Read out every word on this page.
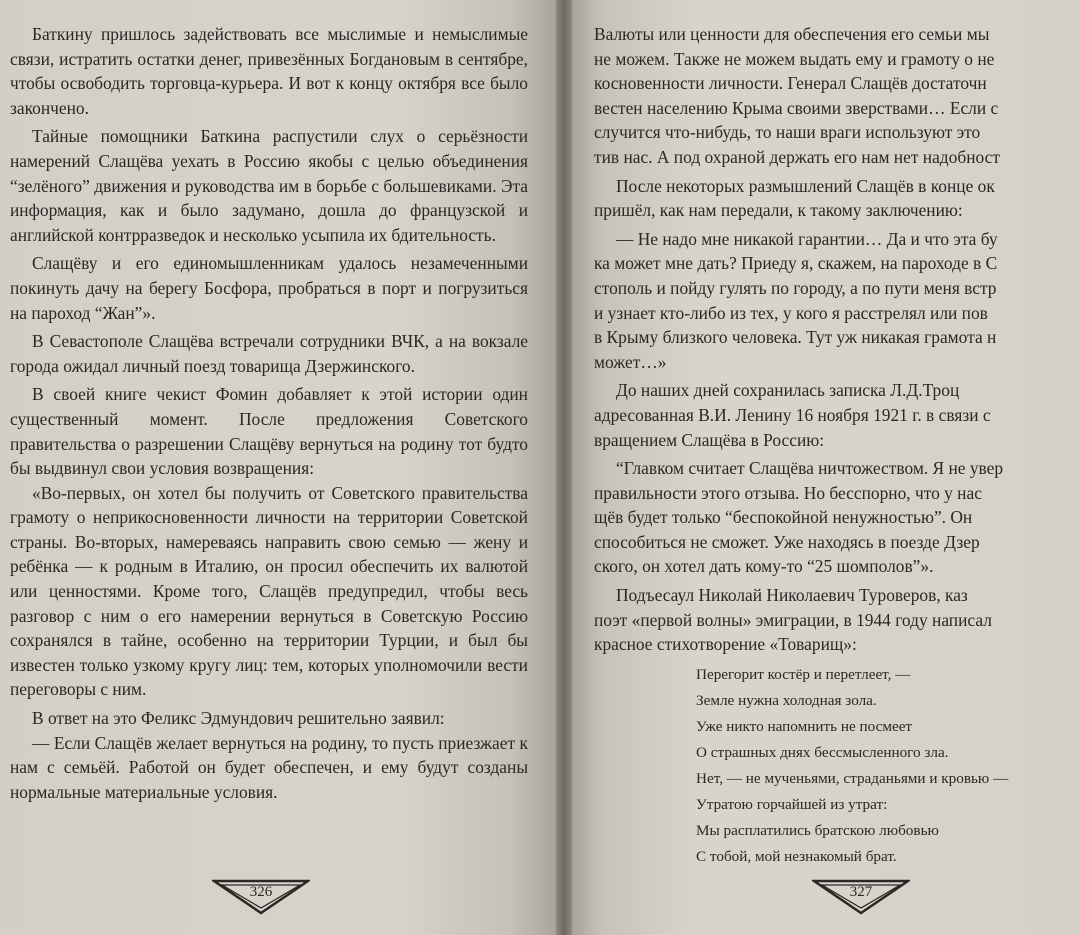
Баткину пришлось задействовать все мыслимые и немыслимые связи, истратить остатки денег, привезённых Богдановым в сентябре, чтобы освободить торговца-курьера. И вот к концу октября все было закончено.

Тайные помощники Баткина распустили слух о серьёзности намерений Слащёва уехать в Россию якобы с целью объединения “зелёного” движения и руководства им в борьбе с большевиками. Эта информация, как и было задумано, дошла до французской и английской контрразведок и несколько усыпила их бдительность.

Слащёву и его единомышленникам удалось незамеченными покинуть дачу на берегу Босфора, пробраться в порт и погрузиться на пароход “Жан”».

В Севастополе Слащёва встречали сотрудники ВЧК, а на вокзале города ожидал личный поезд товарища Дзержинского.

В своей книге чекист Фомин добавляет к этой истории один существенный момент. После предложения Советского правительства о разрешении Слащёву вернуться на родину тот будто бы выдвинул свои условия возвращения:

«Во-первых, он хотел бы получить от Советского правительства грамоту о неприкосновенности личности на территории Советской страны. Во-вторых, намереваясь направить свою семью — жену и ребёнка — к родным в Италию, он просил обеспечить их валютой или ценностями. Кроме того, Слащёв предупредил, чтобы весь разговор с ним о его намерении вернуться в Советскую Россию сохранялся в тайне, особенно на территории Турции, и был бы известен только узкому кругу лиц: тем, которых уполномочили вести переговоры с ним.

В ответ на это Феликс Эдмундович решительно заявил:

— Если Слащёв желает вернуться на родину, то пусть приезжает к нам с семьёй. Работой он будет обеспечен, и ему будут созданы нормальные материальные условия.

326

Валюты или ценности для обеспечения его семьи мы

не можем. Также не можем выдать ему и грамоту о не

косновенности личности. Генерал Слащёв достаточн

вестен населению Крыма своими зверствами… Если с

случится что-нибудь, то наши враги используют это

тив нас. А под охраной держать его нам нет надобност

После некоторых размышлений Слащёв в конце ок

пришёл, как нам передали, к такому заключению:

— Не надо мне никакой гарантии… Да и что эта бу

ка может мне дать? Приеду я, скажем, на пароходе в С

стополь и пойду гулять по городу, а по пути меня встр

и узнает кто-либо из тех, у кого я расстрелял или пов

в Крыму близкого человека. Тут уж никакая грамота н

может…»

До наших дней сохранилась записка Л.Д.Троц

адресованная В.И. Ленину 16 ноября 1921 г. в связи с

вращением Слащёва в Россию:

“Главком считает Слащёва ничтожеством. Я не увер

правильности этого отзыва. Но бесспорно, что у нас

щёв будет только “беспокойной ненужностью”. Он

способиться не сможет. Уже находясь в поезде Дзер

ского, он хотел дать кому-то “25 шомполов”».

Подъесаул Николай Николаевич Туроверов, каз

поэт «первой волны» эмиграции, в 1944 году написал

красное стихотворение «Товарищ»:

Перегорит костёр и перетлеет, —
Земле нужна холодная зола.
Уже никто напомнить не посмеет
О страшных днях бессмысленного зла.
Нет, — не мученьями, страданьями и кровью —
Утратою горчайшей из утрат:
Мы расплатились братскою любовью
С тобой, мой незнакомый брат.
327
